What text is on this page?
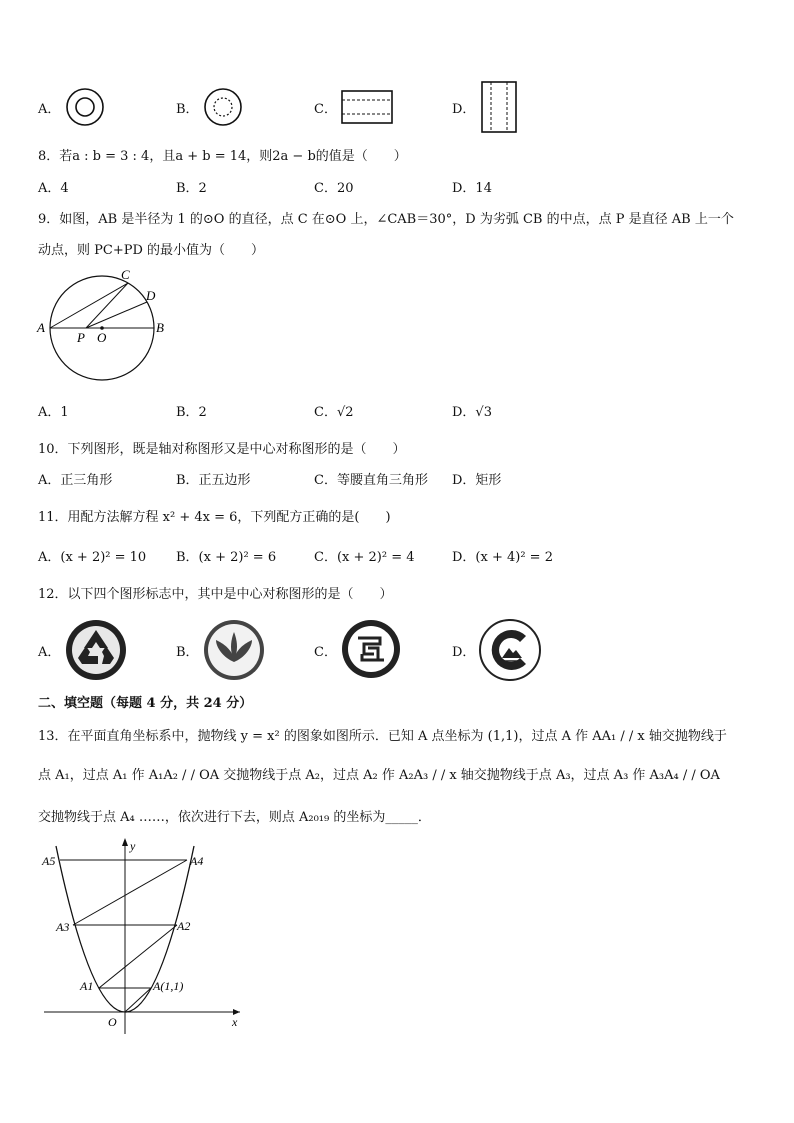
A．	B．	C．	D．
8．若a : b = 3 : 4，且a + b = 14，则2a − b的值是（　　）
A．4	B．2	C．20	D．14
9．如图，AB 是半径为 1 的⊙O 的直径，点 C 在⊙O 上，∠CAB＝30°，D 为劣弧 CB 的中点，点 P 是直径 AB 上一个
动点，则 PC+PD 的最小值为（　　）
A	B
C
D
P O
A．1	B．2	C．√2	D．√3
10．下列图形，既是轴对称图形又是中心对称图形的是（　　）
A．正三角形	B．正五边形	C．等腰直角三角形 D．矩形
11．用配方法解方程 x² + 4x = 6，下列配方正确的是(　　)
A．(x + 2)² = 10 B．(x + 2)² = 6	C．(x + 2)² = 4	D．(x + 4)² = 2
12．以下四个图形标志中，其中是中心对称图形的是（　　）
A．	B．	C．	D．
二、填空题（每题 4 分，共 24 分）
13．在平面直角坐标系中，抛物线 y = x² 的图象如图所示．已知 A 点坐标为 (1,1)，过点 A 作 AA₁ / / x 轴交抛物线于
点 A₁，过点 A₁ 作 A₁A₂ / / OA 交抛物线于点 A₂，过点 A₂ 作 A₂A₃ / / x 轴交抛物线于点 A₃，过点 A₃ 作 A₃A₄ / / OA
交抛物线于点 A₄ ……，依次进行下去，则点 A₂₀₁₉ 的坐标为_____．
y
x
O
A(1,1)
A1
A2
A3
A4
A5
